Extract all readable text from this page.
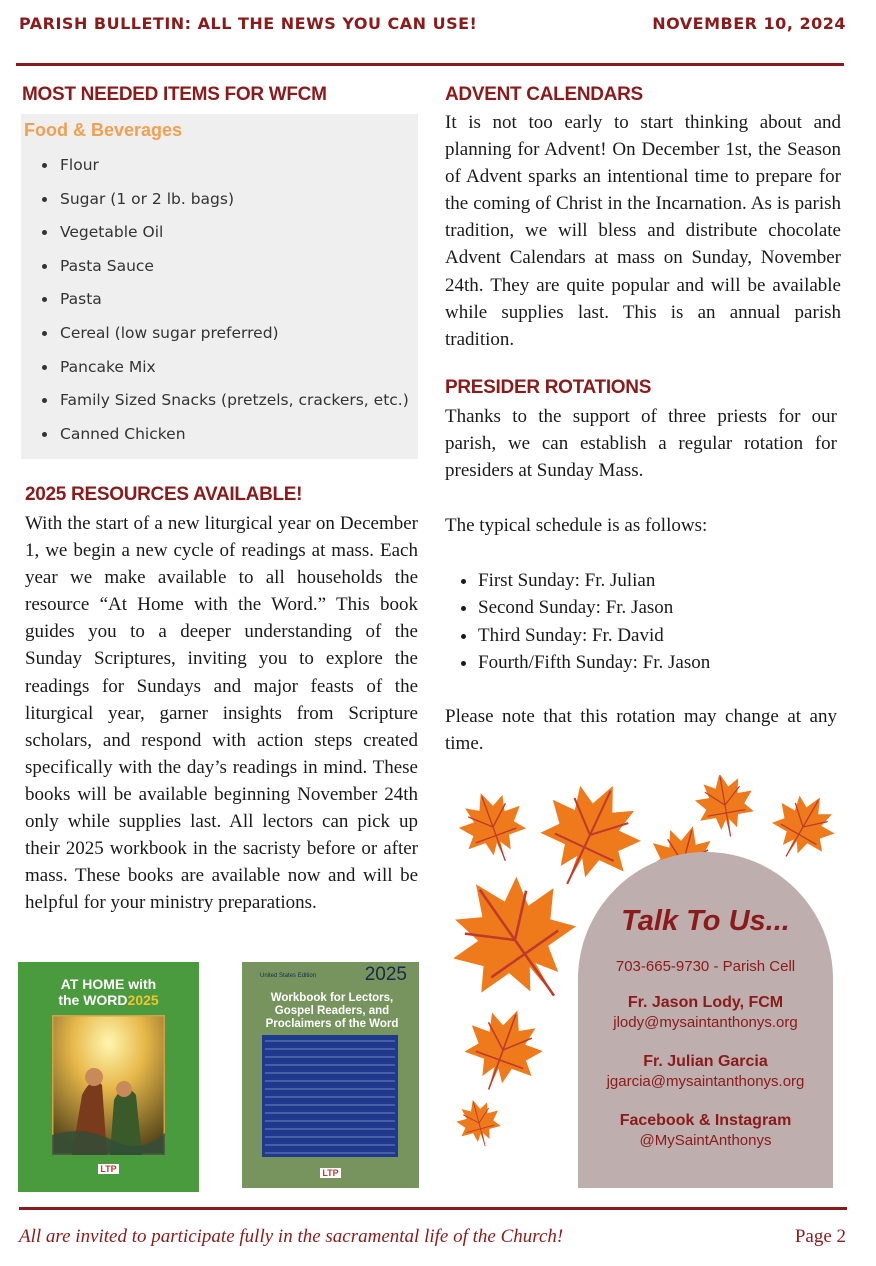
PARISH BULLETIN: ALL THE NEWS YOU CAN USE!	NOVEMBER 10, 2024
MOST NEEDED ITEMS FOR WFCM
Food & Beverages
• Flour
• Sugar (1 or 2 lb. bags)
• Vegetable Oil
• Pasta Sauce
• Pasta
• Cereal (low sugar preferred)
• Pancake Mix
• Family Sized Snacks (pretzels, crackers, etc.)
• Canned Chicken
2025 RESOURCES AVAILABLE!
With the start of a new liturgical year on December 1, we begin a new cycle of readings at mass. Each year we make available to all households the resource “At Home with the Word.” This book guides you to a deeper understanding of the Sunday Scriptures, inviting you to explore the readings for Sundays and major feasts of the liturgical year, garner insights from Scripture scholars, and respond with action steps created specifically with the day’s readings in mind. These books will be available beginning November 24th only while supplies last. All lectors can pick up their 2025 workbook in the sacristy before or after mass. These books are available now and will be helpful for your ministry preparations.
AT HOME with
the WORD2025
LTP
United States Edition	2025
Workbook for Lectors,
Gospel Readers, and
Proclaimers of the Word
LTP
ADVENT CALENDARS
It is not too early to start thinking about and planning for Advent! On December 1st, the Season of Advent sparks an intentional time to prepare for the coming of Christ in the Incarnation. As is parish tradition, we will bless and distribute chocolate Advent Calendars at mass on Sunday, November 24th. They are quite popular and will be available while supplies last. This is an annual parish tradition.
PRESIDER ROTATIONS
Thanks to the support of three priests for our parish, we can establish a regular rotation for presiders at Sunday Mass.
The typical schedule is as follows:
• First Sunday: Fr. Julian
• Second Sunday: Fr. Jason
• Third Sunday: Fr. David
• Fourth/Fifth Sunday: Fr. Jason
Please note that this rotation may change at any time.
Talk To Us...
703-665-9730 - Parish Cell
Fr. Jason Lody, FCM
jlody@mysaintanthonys.org
Fr. Julian Garcia
jgarcia@mysaintanthonys.org
Facebook & Instagram
@MySaintAnthonys
All are invited to participate fully in the sacramental life of the Church!	Page 2
